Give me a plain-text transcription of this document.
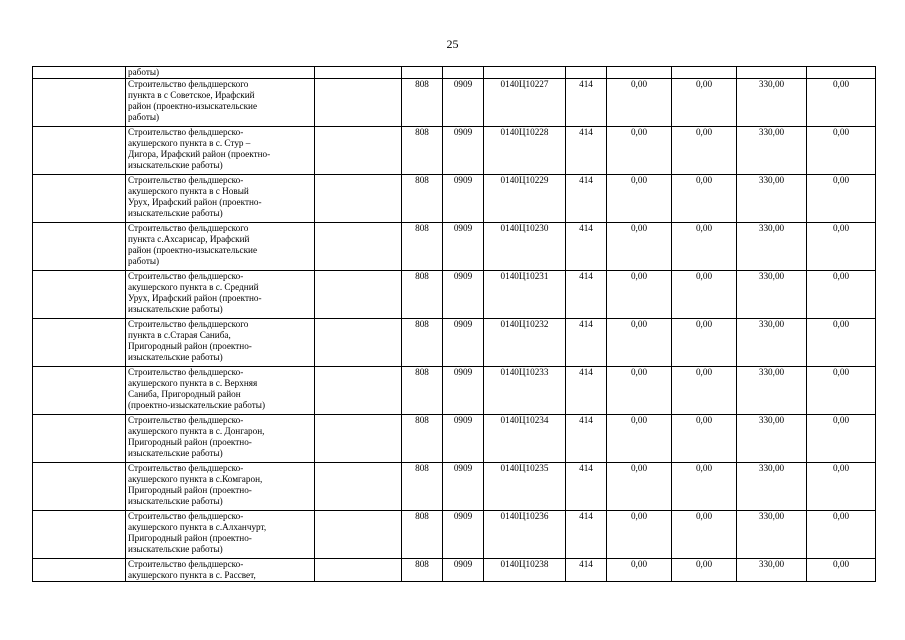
25
	работы)									

	Строительство фельдшерского
пункта в с Советское, Ирафский
район (проектно-изыскательские
работы)		808	0909	0140Ц10227	414	0,00	0,00	330,00	0,00

	Строительство фельдшерско-
акушерского пункта в с. Стур –
Дигора, Ирафский район (проектно-
изыскательские работы)		808	0909	0140Ц10228	414	0,00	0,00	330,00	0,00

	Строительство фельдшерско-
акушерского пункта в с Новый
Урух, Ирафский район (проектно-
изыскательские работы)		808	0909	0140Ц10229	414	0,00	0,00	330,00	0,00

	Строительство фельдшерского
пункта с.Ахсарисар, Ирафский
район (проектно-изыскательские
работы)		808	0909	0140Ц10230	414	0,00	0,00	330,00	0,00

	Строительство фельдшерско-
акушерского пункта в с. Средний
Урух, Ирафский район (проектно-
изыскательские работы)		808	0909	0140Ц10231	414	0,00	0,00	330,00	0,00

	Строительство фельдшерского
пункта в с.Старая Саниба,
Пригородный район (проектно-
изыскательские работы)		808	0909	0140Ц10232	414	0,00	0,00	330,00	0,00

	Строительство фельдшерско-
акушерского пункта в с. Верхняя
Саниба, Пригородный район
(проектно-изыскательские работы)		808	0909	0140Ц10233	414	0,00	0,00	330,00	0,00

	Строительство фельдшерско-
акушерского пункта в с. Донгарон,
Пригородный район (проектно-
изыскательские работы)		808	0909	0140Ц10234	414	0,00	0,00	330,00	0,00

	Строительство фельдшерско-
акушерского пункта в с.Комгарон,
Пригородный район (проектно-
изыскательские работы)		808	0909	0140Ц10235	414	0,00	0,00	330,00	0,00

	Строительство фельдшерско-
акушерского пункта в с.Алханчурт,
Пригородный район (проектно-
изыскательские работы)		808	0909	0140Ц10236	414	0,00	0,00	330,00	0,00

	Строительство фельдшерско-
акушерского пункта в с. Рассвет,		808	0909	0140Ц10238	414	0,00	0,00	330,00	0,00
